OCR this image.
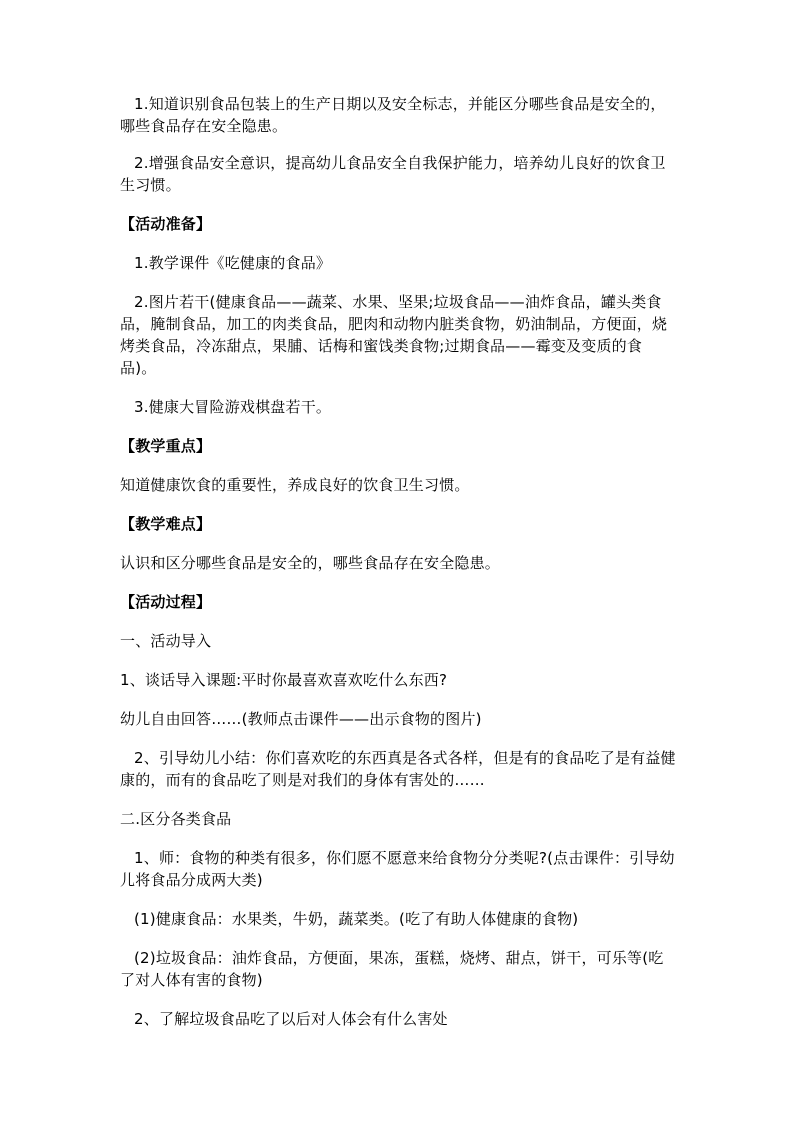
1.知道识别食品包装上的生产日期以及安全标志，并能区分哪些食品是安全的，哪些食品存在安全隐患。

2.增强食品安全意识，提高幼儿食品安全自我保护能力，培养幼儿良好的饮食卫生习惯。

【活动准备】

1.教学课件《吃健康的食品》

2.图片若干(健康食品——蔬菜、水果、坚果;垃圾食品——油炸食品，罐头类食品，腌制食品，加工的肉类食品，肥肉和动物内脏类食物，奶油制品，方便面，烧烤类食品，冷冻甜点，果脯、话梅和蜜饯类食物;过期食品——霉变及变质的食品)。

3.健康大冒险游戏棋盘若干。

【教学重点】

知道健康饮食的重要性，养成良好的饮食卫生习惯。

【教学难点】

认识和区分哪些食品是安全的，哪些食品存在安全隐患。

【活动过程】

一、活动导入

1、谈话导入课题:平时你最喜欢喜欢吃什么东西?

幼儿自由回答……(教师点击课件——出示食物的图片)

2、引导幼儿小结：你们喜欢吃的东西真是各式各样，但是有的食品吃了是有益健康的，而有的食品吃了则是对我们的身体有害处的……

二.区分各类食品

1、师：食物的种类有很多，你们愿不愿意来给食物分分类呢?(点击课件：引导幼儿将食品分成两大类)

(1)健康食品：水果类，牛奶，蔬菜类。(吃了有助人体健康的食物)

(2)垃圾食品：油炸食品，方便面，果冻，蛋糕，烧烤、甜点，饼干，可乐等(吃了对人体有害的食物)

2、了解垃圾食品吃了以后对人体会有什么害处
